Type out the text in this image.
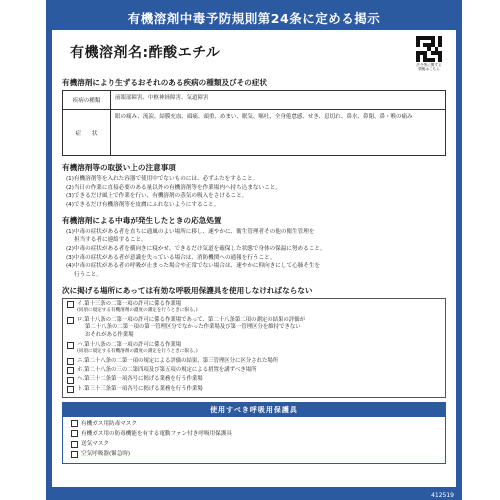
有機溶剤中毒予防規則第24条に定める掲示
有機溶剤名:酢酸エチル
法令等に関する
情報はこちら
有機溶剤により生ずるおそれのある疾病の種類及びその症状
疾病の種類	前眼部障害、中枢神経障害、気道障害
症　　状	眼の痛み、流涙、結膜充血、頭痛、頭重、めまい、眠気、嘔吐、全身倦怠感、せき、息切れ、鼻水、鼻閉、鼻・喉の痛み
有機溶剤等の取扱い上の注意事項
(1)有機溶剤等を入れた容器で使用中でないものには、必ずふたをすること。
(2)当日の作業に直接必要のある量以外の有機溶剤等を作業場内へ持ち込まないこと。
(3)できるだけ風上で作業を行い、有機溶剤の蒸気の吸入をさけること。
(4)できるだけ有機溶剤等を皮膚にふれないようにすること。
有機溶剤による中毒が発生したときの応急処置
(1)中毒の症状がある者を直ちに通風のよい場所に移し、速やかに、衛生管理者その他の衛生管理を
担当する者に連絡すること。
(2)中毒の症状がある者を横向きに寝かせ、できるだけ気道を確保した状態で身体の保温に努めること。
(3)中毒の症状がある者が意識を失っている場合は、消防機関への通報を行うこと。
(4)中毒の症状がある者の呼吸が止まった場合や正常でない場合は、速やかに仰向きにして心肺そ生を
行うこと。
次に掲げる場所にあっては有効な呼吸用保護具を使用しなければならない
イ.第十三条の二第一項の許可に係る作業場
(同項に規定する有機溶剤の濃度の測定を行うときに限る。)
ロ.第十八条の二第一項の許可に係る作業場であって、第二十八条第二項の測定の結果の評価が
第二十八条の二第一項の第一管理区分でなかった作業場及び第一管理区分を維持できない
おそれがある作業場
ハ.第十八条の二第一項の許可に係る作業場
(同項に規定する有機溶剤の濃度の測定を行うときに限る。)
ニ.第二十八条の二第一項の規定による評価の結果、第三管理区分に区分された場所
ホ.第二十八条の三の二第四項及び第五項の規定による措置を講ずべき場所
ヘ.第三十二条第一項各号に掲げる業務を行う作業場
ト.第三十三条第一項各号に掲げる業務を行う作業場
使用すべき呼吸用保護具
有機ガス用防毒マスク
有機ガス用の防毒機能を有する電動ファン付き呼吸用保護具
送気マスク
空気呼吸器(緊急時)
412519
